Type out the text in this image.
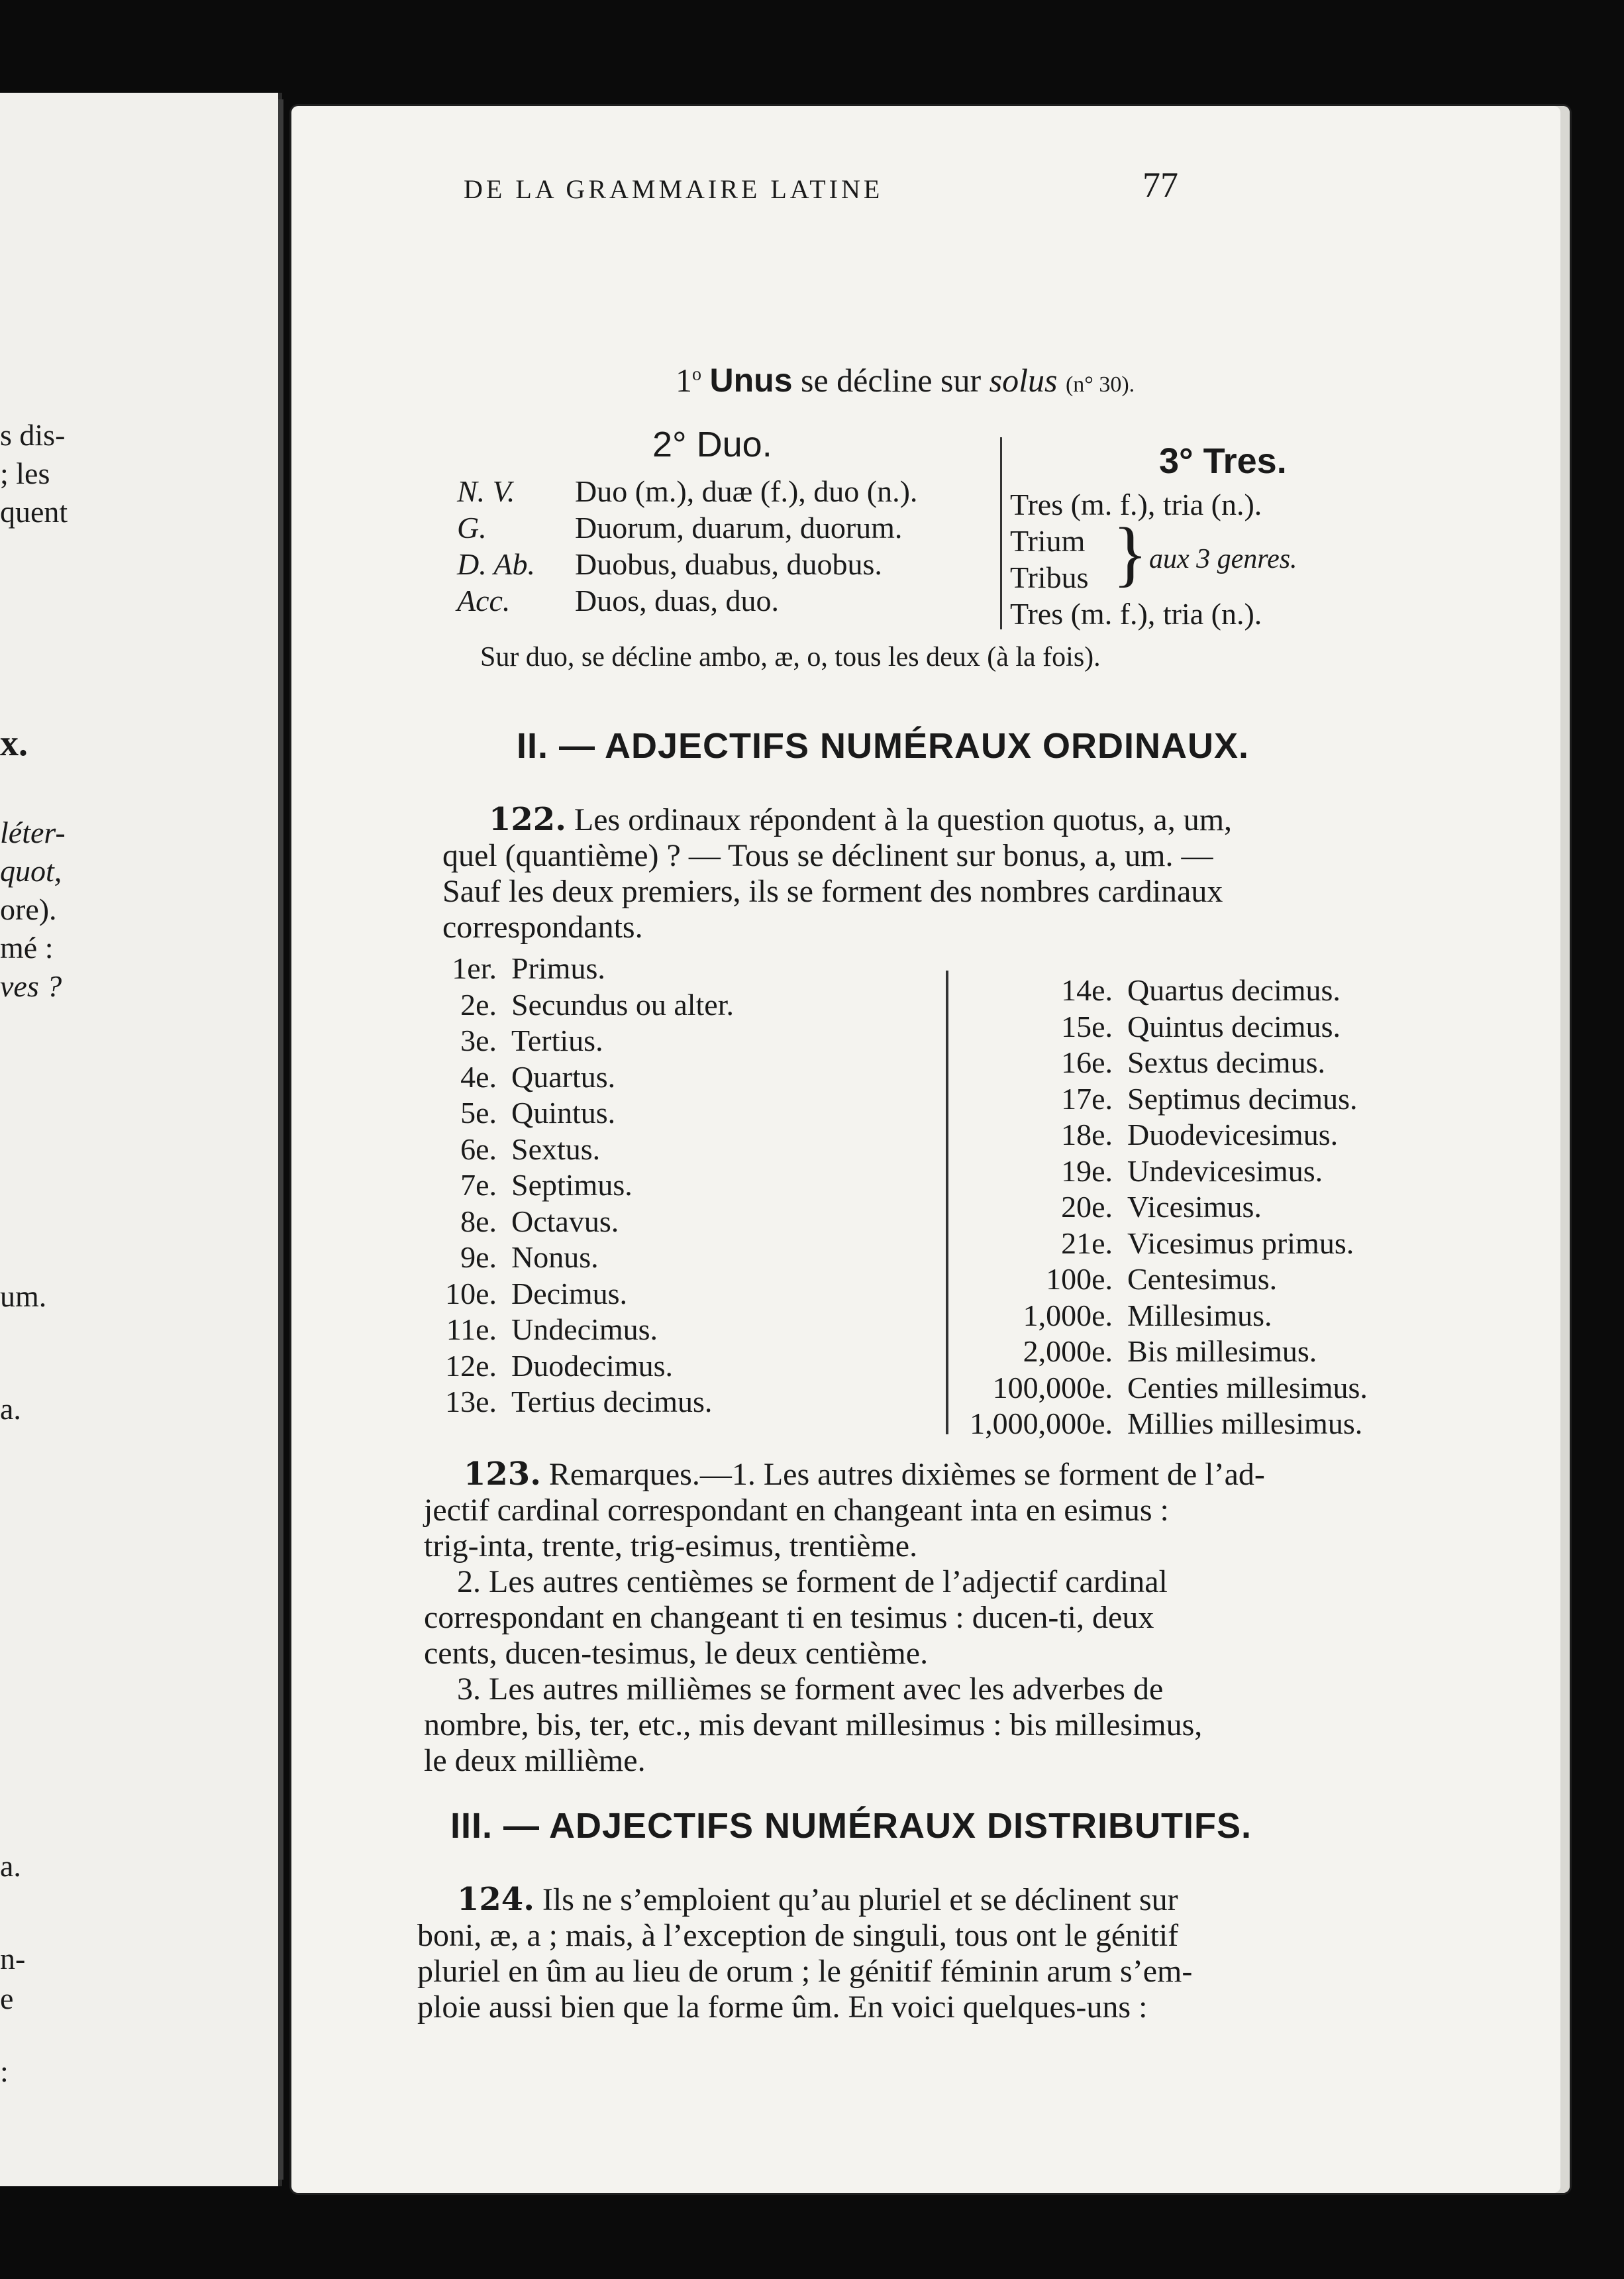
s dis-
; les
quent
x.
léter-
quot,
ore).
mé :
ves ?
um.
a.
a.
n-
e
:
DE LA GRAMMAIRE LATINE	77
1$^o$ Unus se décline sur solus (n° 30).
2° Duo.	3° Tres.
N. V. Duo (m.), duæ (f.), duo (n.).
G.	Duorum, duarum, duorum.
D. Ab. Duobus, duabus, duobus.
Acc. Duos, duas, duo.
Tres (m. f.), tria (n.).
Trium
Tribus } aux 3 genres.
Tres (m. f.), tria (n.).
Sur duo, se décline ambo, æ, o, tous les deux (à la fois).
II. — ADJECTIFS NUMÉRAUX ORDINAUX.
122. Les ordinaux répondent à la question quotus, a, um,
quel (quantième) ? — Tous se déclinent sur bonus, a, um. —
Sauf les deux premiers, ils se forment des nombres cardinaux
correspondants.
1er. Primus.
2e. Secundus ou alter.
3e. Tertius.
4e. Quartus.
5e. Quintus.
6e. Sextus.
7e. Septimus.
8e. Octavus.
9e. Nonus.
10e. Decimus.
11e. Undecimus.
12e. Duodecimus.
13e. Tertius decimus.
14e. Quartus decimus.
15e. Quintus decimus.
16e. Sextus decimus.
17e. Septimus decimus.
18e. Duodevicesimus.
19e. Undevicesimus.
20e. Vicesimus.
21e. Vicesimus primus.
100e. Centesimus.
1,000e. Millesimus.
2,000e. Bis millesimus.
100,000e. Centies millesimus.
1,000,000e. Millies millesimus.
123. Remarques.—1. Les autres dixièmes se forment de l’ad-
jectif cardinal correspondant en changeant inta en esimus :
trig-inta, trente, trig-esimus, trentième.
2. Les autres centièmes se forment de l’adjectif cardinal
correspondant en changeant ti en tesimus : ducen-ti, deux
cents, ducen-tesimus, le deux centième.
3. Les autres millièmes se forment avec les adverbes de
nombre, bis, ter, etc., mis devant millesimus : bis millesimus,
le deux millième.
III. — ADJECTIFS NUMÉRAUX DISTRIBUTIFS.
124. Ils ne s’emploient qu’au pluriel et se déclinent sur
boni, æ, a ; mais, à l’exception de singuli, tous ont le génitif
pluriel en ûm au lieu de orum ; le génitif féminin arum s’em-
ploie aussi bien que la forme ûm. En voici quelques-uns :
